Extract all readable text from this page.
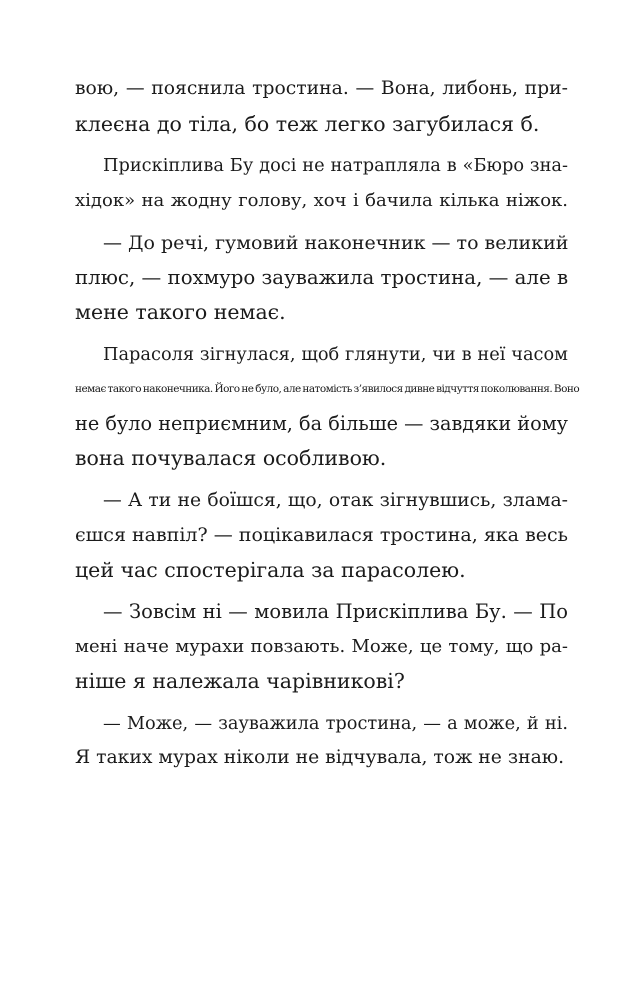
вою, — пояснила тростина. — Вона, либонь, при-
клеєна до тіла, бо теж легко загубилася б.
Прискіплива Бу досі не натрапляла в «Бюро зна-
хідок» на жодну голову, хоч і бачила кілька ніжок.
— До речі, гумовий наконечник — то великий
плюс, — похмуро зауважила тростина, — але в
мене такого немає.
Парасоля зігнулася, щоб глянути, чи в неї часом
немає такого наконечника. Його не було, але натомість з’явилося дивне відчуття поколювання. Воно
не було неприємним, ба більше — завдяки йому
вона почувалася особливою.
— А ти не боїшся, що, отак зігнувшись, злама-
єшся навпіл? — поцікавилася тростина, яка весь
цей час спостерігала за парасолею.
— Зовсім ні — мовила Прискіплива Бу. — По
мені наче мурахи повзають. Може, це тому, що ра-
ніше я належала чарівникові?
— Може, — зауважила тростина, — а може, й ні.
Я таких мурах ніколи не відчувала, тож не знаю.
